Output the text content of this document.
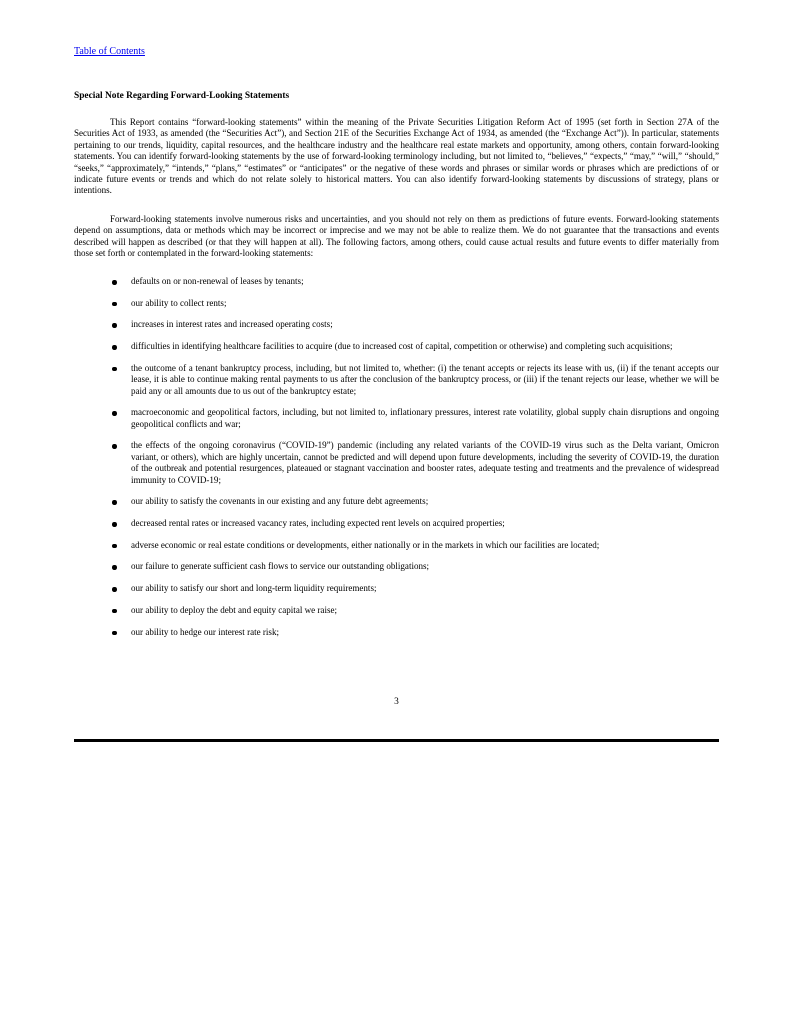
Table of Contents
Special Note Regarding Forward-Looking Statements

This Report contains “forward-looking statements” within the meaning of the Private Securities Litigation Reform Act of 1995 (set forth in Section 27A of the Securities Act of 1933, as amended (the “Securities Act”), and Section 21E of the Securities Exchange Act of 1934, as amended (the “Exchange Act”)). In particular, statements pertaining to our trends, liquidity, capital resources, and the healthcare industry and the healthcare real estate markets and opportunity, among others, contain forward-looking statements. You can identify forward-looking statements by the use of forward-looking terminology including, but not limited to, “believes,” “expects,” “may,” “will,” “should,” “seeks,” “approximately,” “intends,” “plans,” “estimates” or “anticipates” or the negative of these words and phrases or similar words or phrases which are predictions of or indicate future events or trends and which do not relate solely to historical matters. You can also identify forward-looking statements by discussions of strategy, plans or intentions.

Forward-looking statements involve numerous risks and uncertainties, and you should not rely on them as predictions of future events. Forward-looking statements depend on assumptions, data or methods which may be incorrect or imprecise and we may not be able to realize them. We do not guarantee that the transactions and events described will happen as described (or that they will happen at all). The following factors, among others, could cause actual results and future events to differ materially from those set forth or contemplated in the forward-looking statements:

defaults on or non-renewal of leases by tenants;
our ability to collect rents;
increases in interest rates and increased operating costs;
difficulties in identifying healthcare facilities to acquire (due to increased cost of capital, competition or otherwise) and completing such acquisitions;
the outcome of a tenant bankruptcy process, including, but not limited to, whether: (i) the tenant accepts or rejects its lease with us, (ii) if the tenant accepts our lease, it is able to continue making rental payments to us after the conclusion of the bankruptcy process, or (iii) if the tenant rejects our lease, whether we will be paid any or all amounts due to us out of the bankruptcy estate;
macroeconomic and geopolitical factors, including, but not limited to, inflationary pressures, interest rate volatility, global supply chain disruptions and ongoing geopolitical conflicts and war;
the effects of the ongoing coronavirus (“COVID-19”) pandemic (including any related variants of the COVID-19 virus such as the Delta variant, Omicron variant, or others), which are highly uncertain, cannot be predicted and will depend upon future developments, including the severity of COVID-19, the duration of the outbreak and potential resurgences, plateaued or stagnant vaccination and booster rates, adequate testing and treatments and the prevalence of widespread immunity to COVID-19;
our ability to satisfy the covenants in our existing and any future debt agreements;
decreased rental rates or increased vacancy rates, including expected rent levels on acquired properties;
adverse economic or real estate conditions or developments, either nationally or in the markets in which our facilities are located;
our failure to generate sufficient cash flows to service our outstanding obligations;
our ability to satisfy our short and long-term liquidity requirements;
our ability to deploy the debt and equity capital we raise;
our ability to hedge our interest rate risk;
3
